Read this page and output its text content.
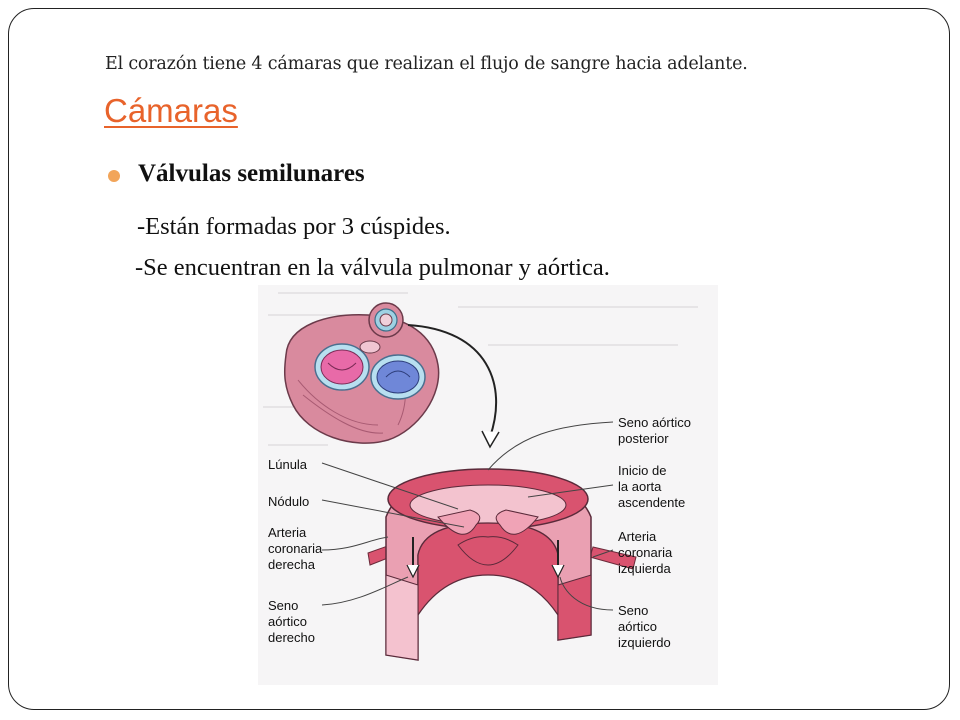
El corazón tiene 4 cámaras que realizan el flujo de sangre hacia adelante.
Cámaras
Válvulas semilunares
-Están formadas por 3 cúspides.
-Se encuentran en la válvula pulmonar y aórtica.
Lúnula
Nódulo
Arteria
coronaria
derecha
Seno
aórtico
derecho
Seno aórtico
posterior
Inicio de
la aorta
ascendente
Arteria
coronaria
izquierda
Seno
aórtico
izquierdo
